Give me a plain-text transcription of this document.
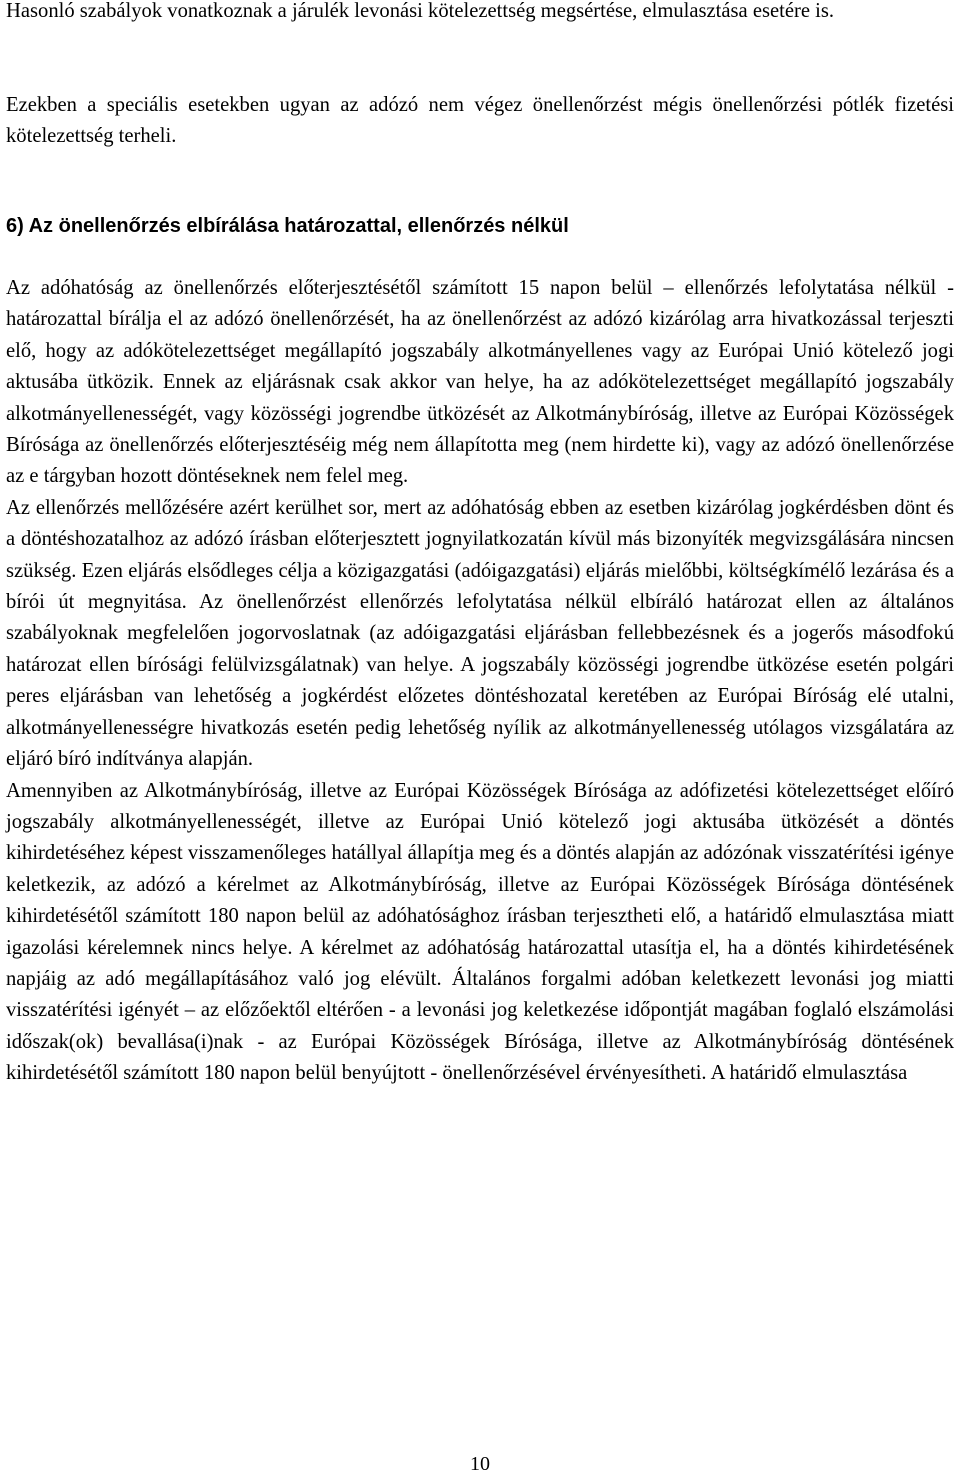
Hasonló szabályok vonatkoznak a járulék levonási kötelezettség megsértése, elmulasztása esetére is.

Ezekben a speciális esetekben ugyan az adózó nem végez önellenőrzést mégis önellenőrzési pótlék fizetési kötelezettség terheli.

6) Az önellenőrzés elbírálása határozattal, ellenőrzés nélkül

Az adóhatóság az önellenőrzés előterjesztésétől számított 15 napon belül – ellenőrzés lefolytatása nélkül - határozattal bírálja el az adózó önellenőrzését, ha az önellenőrzést az adózó kizárólag arra hivatkozással terjeszti elő, hogy az adókötelezettséget megállapító jogszabály alkotmányellenes vagy az Európai Unió kötelező jogi aktusába ütközik. Ennek az eljárásnak csak akkor van helye, ha az adókötelezettséget megállapító jogszabály alkotmányellenességét, vagy közösségi jogrendbe ütközését az Alkotmánybíróság, illetve az Európai Közösségek Bírósága az önellenőrzés előterjesztéséig még nem állapította meg (nem hirdette ki), vagy az adózó önellenőrzése az e tárgyban hozott döntéseknek nem felel meg.

Az ellenőrzés mellőzésére azért kerülhet sor, mert az adóhatóság ebben az esetben kizárólag jogkérdésben dönt és a döntéshozatalhoz az adózó írásban előterjesztett jognyilatkozatán kívül más bizonyíték megvizsgálására nincsen szükség. Ezen eljárás elsődleges célja a közigazgatási (adóigazgatási) eljárás mielőbbi, költségkímélő lezárása és a bírói út megnyitása. Az önellenőrzést ellenőrzés lefolytatása nélkül elbíráló határozat ellen az általános szabályoknak megfelelően jogorvoslatnak (az adóigazgatási eljárásban fellebbezésnek és a jogerős másodfokú határozat ellen bírósági felülvizsgálatnak) van helye. A jogszabály közösségi jogrendbe ütközése esetén polgári peres eljárásban van lehetőség a jogkérdést előzetes döntéshozatal keretében az Európai Bíróság elé utalni, alkotmányellenességre hivatkozás esetén pedig lehetőség nyílik az alkotmányellenesség utólagos vizsgálatára az eljáró bíró indítványa alapján.

Amennyiben az Alkotmánybíróság, illetve az Európai Közösségek Bírósága az adófizetési kötelezettséget előíró jogszabály alkotmányellenességét, illetve az Európai Unió kötelező jogi aktusába ütközését a döntés kihirdetéséhez képest visszamenőleges hatállyal állapítja meg és a döntés alapján az adózónak visszatérítési igénye keletkezik, az adózó a kérelmet az Alkotmánybíróság, illetve az Európai Közösségek Bírósága döntésének kihirdetésétől számított 180 napon belül az adóhatósághoz írásban terjesztheti elő, a határidő elmulasztása miatt igazolási kérelemnek nincs helye. A kérelmet az adóhatóság határozattal utasítja el, ha a döntés kihirdetésének napjáig az adó megállapításához való jog elévült. Általános forgalmi adóban keletkezett levonási jog miatti visszatérítési igényét – az előzőektől eltérően - a levonási jog keletkezése időpontját magában foglaló elszámolási időszak(ok) bevallása(i)nak - az Európai Közösségek Bírósága, illetve az Alkotmánybíróság döntésének kihirdetésétől számított 180 napon belül benyújtott - önellenőrzésével érvényesítheti. A határidő elmulasztása

10
